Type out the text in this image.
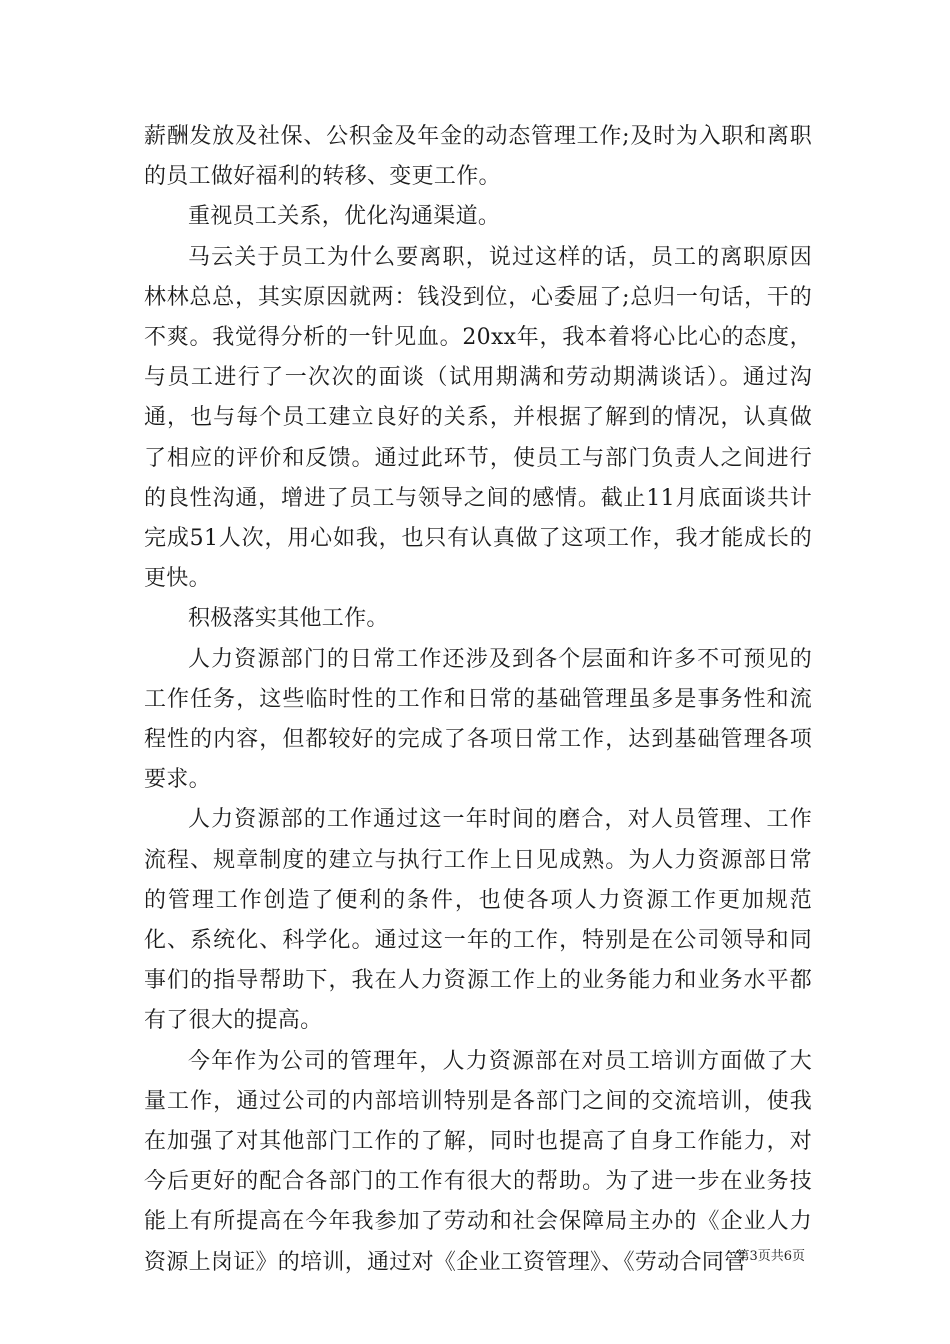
薪酬发放及社保、公积金及年金的动态管理工作;及时为入职和离职的员工做好福利的转移、变更工作。

重视员工关系，优化沟通渠道。

马云关于员工为什么要离职，说过这样的话，员工的离职原因林林总总，其实原因就两：钱没到位，心委屈了;总归一句话，干的不爽。我觉得分析的一针见血。20xx年，我本着将心比心的态度，与员工进行了一次次的面谈（试用期满和劳动期满谈话）。通过沟通，也与每个员工建立良好的关系，并根据了解到的情况，认真做了相应的评价和反馈。通过此环节，使员工与部门负责人之间进行的良性沟通，增进了员工与领导之间的感情。截止11月底面谈共计完成51人次，用心如我，也只有认真做了这项工作，我才能成长的更快。

积极落实其他工作。

人力资源部门的日常工作还涉及到各个层面和许多不可预见的工作任务，这些临时性的工作和日常的基础管理虽多是事务性和流程性的内容，但都较好的完成了各项日常工作，达到基础管理各项要求。

人力资源部的工作通过这一年时间的磨合，对人员管理、工作流程、规章制度的建立与执行工作上日见成熟。为人力资源部日常的管理工作创造了便利的条件，也使各项人力资源工作更加规范化、系统化、科学化。通过这一年的工作，特别是在公司领导和同事们的指导帮助下，我在人力资源工作上的业务能力和业务水平都有了很大的提高。

今年作为公司的管理年，人力资源部在对员工培训方面做了大量工作，通过公司的内部培训特别是各部门之间的交流培训，使我在加强了对其他部门工作的了解，同时也提高了自身工作能力，对今后更好的配合各部门的工作有很大的帮助。为了进一步在业务技能上有所提高在今年我参加了劳动和社会保障局主办的《企业人力资源上岗证》的培训，通过对《企业工资管理》、《劳动合同管

第3页共6页
